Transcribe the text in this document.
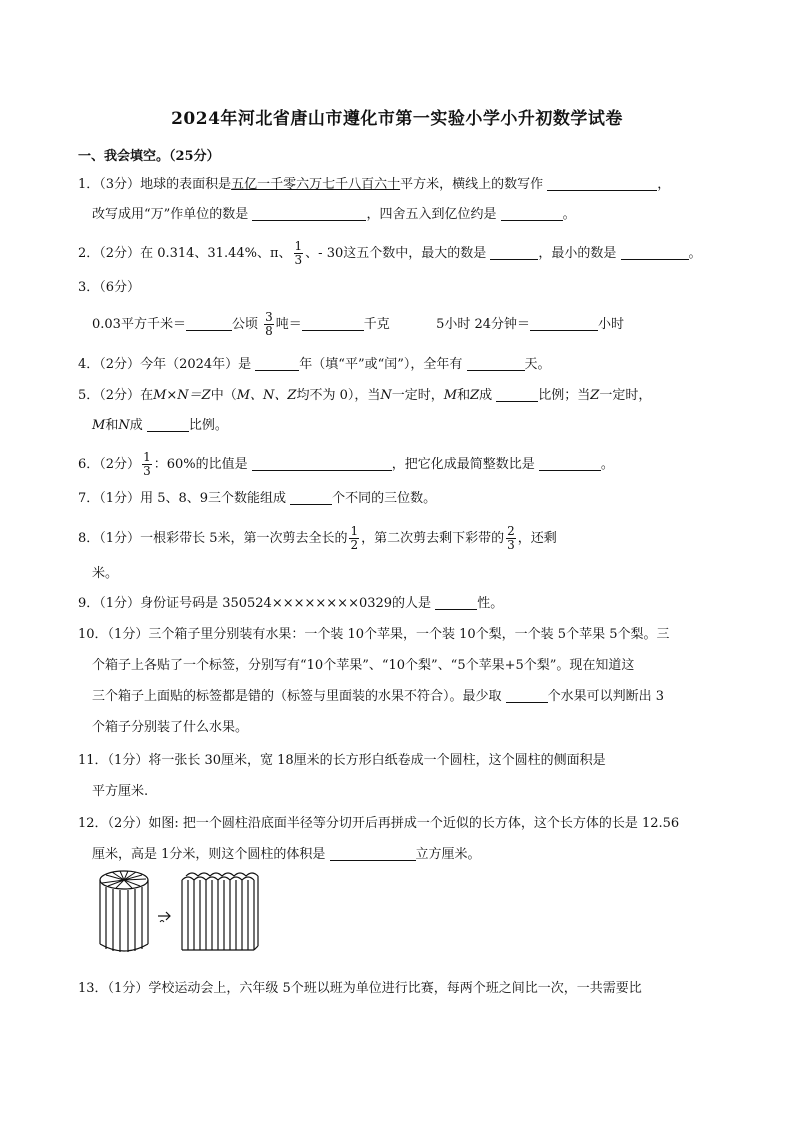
2024年河北省唐山市遵化市第一实验小学小升初数学试卷
一、我会填空。（25分）
1．（3分）地球的表面积是五亿一千零六万七千八百六十平方米，横线上的数写作	，
改写成用“万”作单位的数是	，四舍五入到亿位约是	。
2．（2分）在 0.314、31.44%、π、 $\frac{1}{3}$ 、- 30这五个数中，最大的数是	，最小的数是	。
3．（6分）
0.03平方千米＝	公顷 $\frac{3}{8}$ 吨＝	千克	5小时 24分钟＝	小时
4．（2分）今年（2024年）是	年（填“平”或“闰”），全年有	天。
5．（2分）在M×N＝Z中（M、N、Z均不为 0），当N一定时，M和Z成	比例；当Z一定时，
M和N成	比例。
6．（2分） $\frac{1}{3}$ ：60%的比值是	，把它化成最简整数比是	。
7．（1分）用 5、8、9三个数能组成	个不同的三位数。
8．（1分）一根彩带长 5米，第一次剪去全长的 $\frac{1}{2}$ ，第二次剪去剩下彩带的 $\frac{2}{3}$ ，还剩
米。
9．（1分）身份证号码是 350524××××××××0329的人是	性。
10．（1分）三个箱子里分别装有水果：一个装 10个苹果，一个装 10个梨，一个装 5个苹果 5个梨。三
个箱子上各贴了一个标签，分别写有“10个苹果”、“10个梨”、“5个苹果+5个梨”。现在知道这
三个箱子上面贴的标签都是错的（标签与里面装的水果不符合）。最少取	个水果可以判断出 3
个箱子分别装了什么水果。
11．（1分）将一张长 30厘米，宽 18厘米的长方形白纸卷成一个圆柱，这个圆柱的侧面积是
平方厘米.
12．（2分）如图: 把一个圆柱沿底面半径等分切开后再拼成一个近似的长方体，这个长方体的长是 12.56
厘米，高是 1分米，则这个圆柱的体积是	立方厘米。
13．（1分）学校运动会上，六年级 5个班以班为单位进行比赛，每两个班之间比一次，一共需要比
